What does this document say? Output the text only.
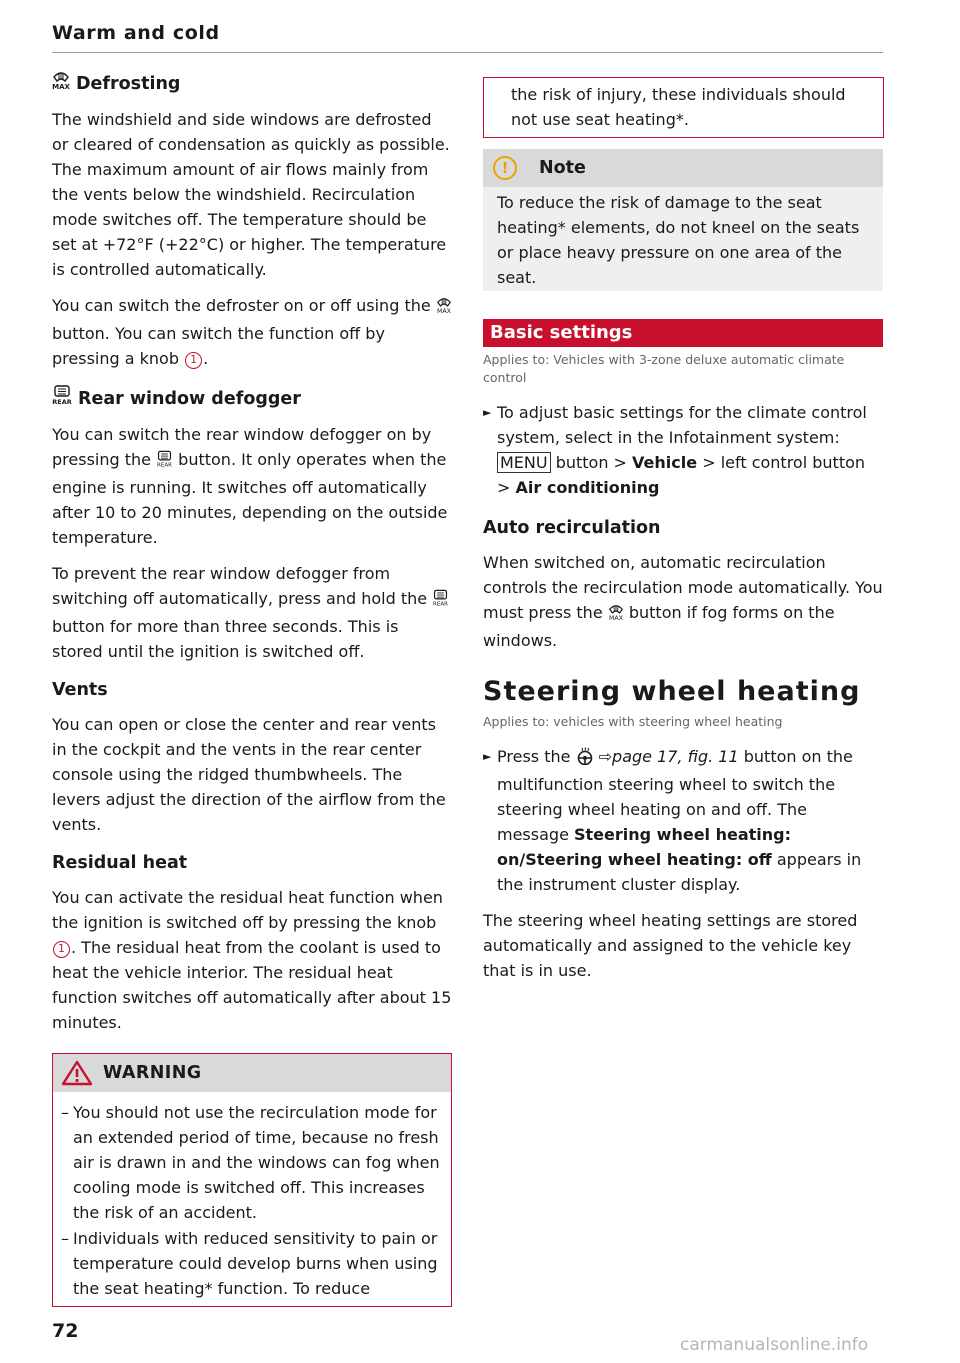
Warm and cold
MAX Defrosting

The windshield and side windows are defrosted or cleared of condensation as quickly as possible. The maximum amount of air flows mainly from the vents below the windshield. Recirculation mode switches off. The temperature should be set at +72°F (+22°C) or higher. The temperature is controlled automatically.

You can switch the defroster on or off using the MAX
button. You can switch the function off by pressing a knob 1 .

REAR Rear window defogger

You can switch the rear window defogger on by pressing the REAR button. It only operates when the engine is running. It switches off automatically after 10 to 20 minutes, depending on the outside temperature.

To prevent the rear window defogger from switching off automatically, press and hold the REAR
button for more than three seconds. This is stored until the ignition is switched off.

Vents

You can open or close the center and rear vents in the cockpit and the vents in the rear center console using the ridged thumbwheels. The levers adjust the direction of the airflow from the vents.

Residual heat

You can activate the residual heat function when the ignition is switched off by pressing the knob 1 . The residual heat from the coolant is used to heat the vehicle interior. The residual heat function switches off automatically after about 15 minutes.

WARNING
– You should not use the recirculation mode for an extended period of time, because no fresh air is drawn in and the windows can fog when cooling mode is switched off. This increases the risk of an accident.
– Individuals with reduced sensitivity to pain or temperature could develop burns when using the seat heating* function. To reduce
the risk of injury, these individuals should not use seat heating*.
!	Note
To reduce the risk of damage to the seat heating* elements, do not kneel on the seats or place heavy pressure on one area of the seat.
Basic settings
Applies to: Vehicles with 3-zone deluxe automatic climate control
► To adjust basic settings for the climate control system, select in the Infotainment system: MENU button > Vehicle > left control button > Air conditioning
Auto recirculation

When switched on, automatic recirculation controls the recirculation mode automatically. You must press the MAX button if fog forms on the windows.

Steering wheel heating
Applies to: vehicles with steering wheel heating
► Press the ⇨page 17, fig. 11 button on the multifunction steering wheel to switch the steering wheel heating on and off. The message Steering wheel heating: on/Steering wheel heating: off appears in the instrument cluster display.

The steering wheel heating settings are stored automatically and assigned to the vehicle key that is in use.

72
carmanualsonline.info
